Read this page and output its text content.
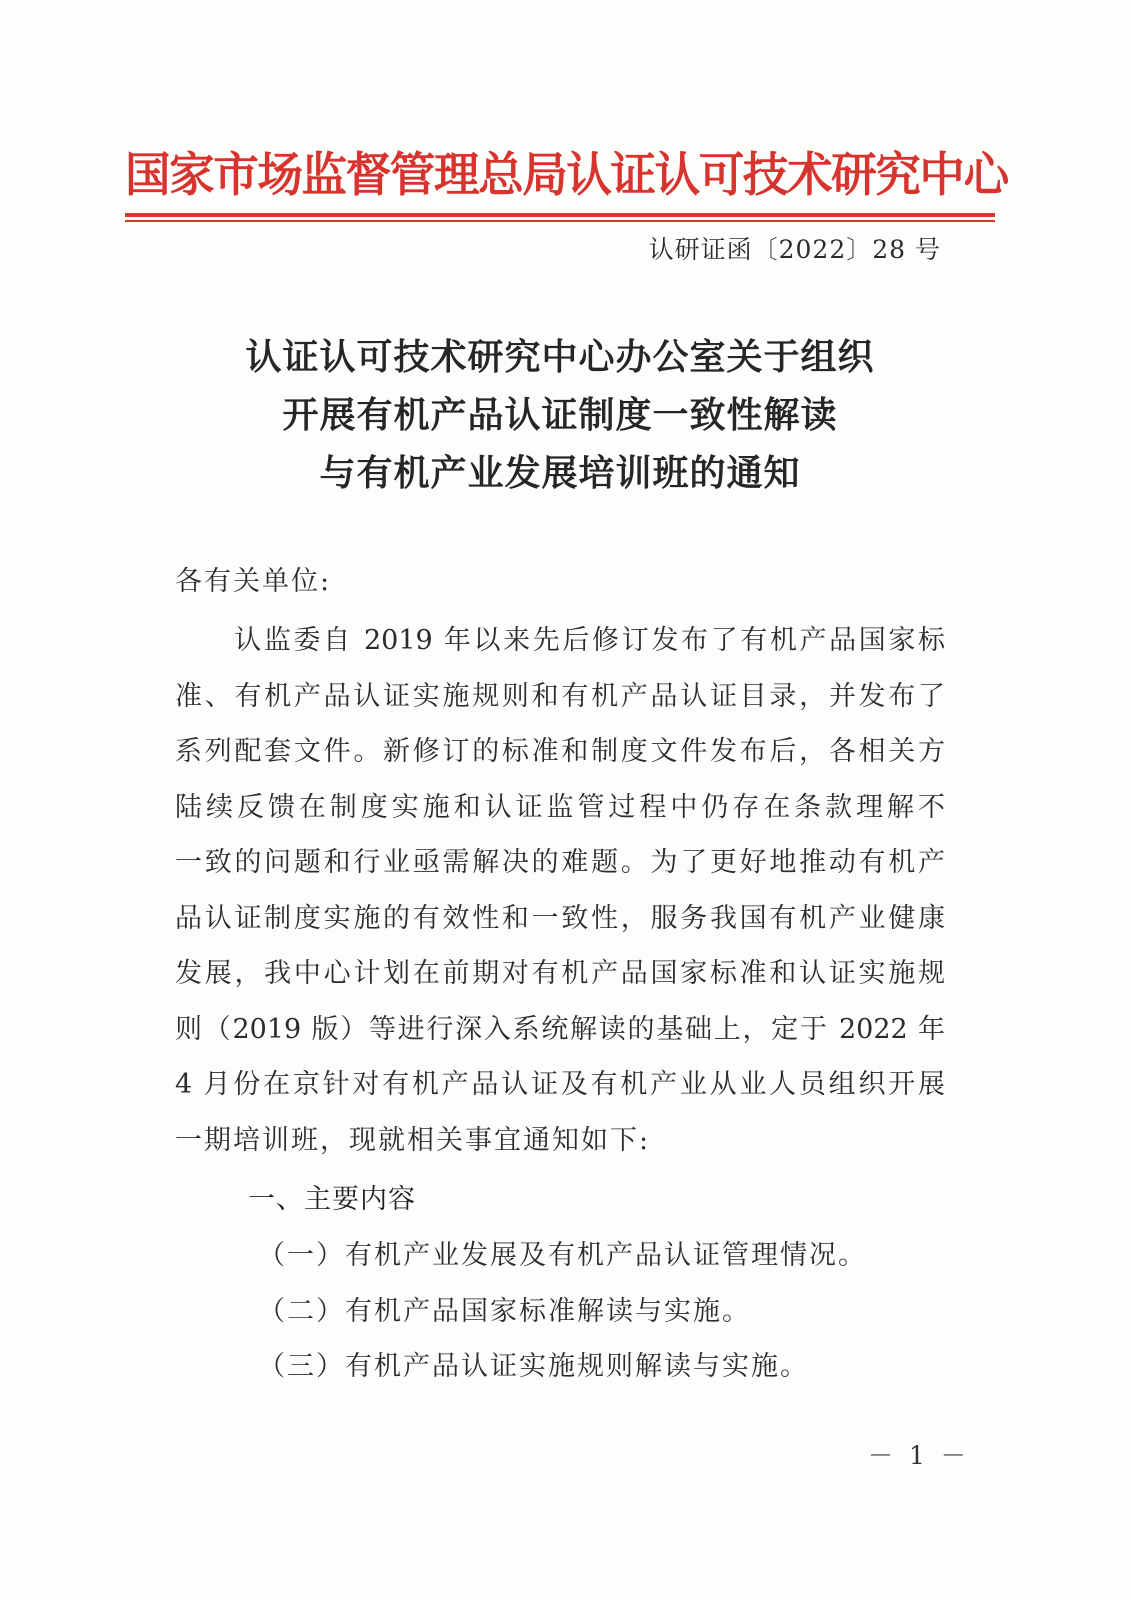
国家市场监督管理总局认证认可技术研究中心
认研证函〔2022〕28 号
认证认可技术研究中心办公室关于组织
开展有机产品认证制度一致性解读
与有机产业发展培训班的通知
各有关单位:
　　认监委自 2019 年以来先后修订发布了有机产品国家标
准、有机产品认证实施规则和有机产品认证目录，并发布了
系列配套文件。新修订的标准和制度文件发布后，各相关方
陆续反馈在制度实施和认证监管过程中仍存在条款理解不
一致的问题和行业亟需解决的难题。为了更好地推动有机产
品认证制度实施的有效性和一致性，服务我国有机产业健康
发展，我中心计划在前期对有机产品国家标准和认证实施规
则（2019 版）等进行深入系统解读的基础上，定于 2022 年
4 月份在京针对有机产品认证及有机产业从业人员组织开展
一期培训班，现就相关事宜通知如下:
一、主要内容
（一）有机产业发展及有机产品认证管理情况。
（二）有机产品国家标准解读与实施。
（三）有机产品认证实施规则解读与实施。
－ 1 －
